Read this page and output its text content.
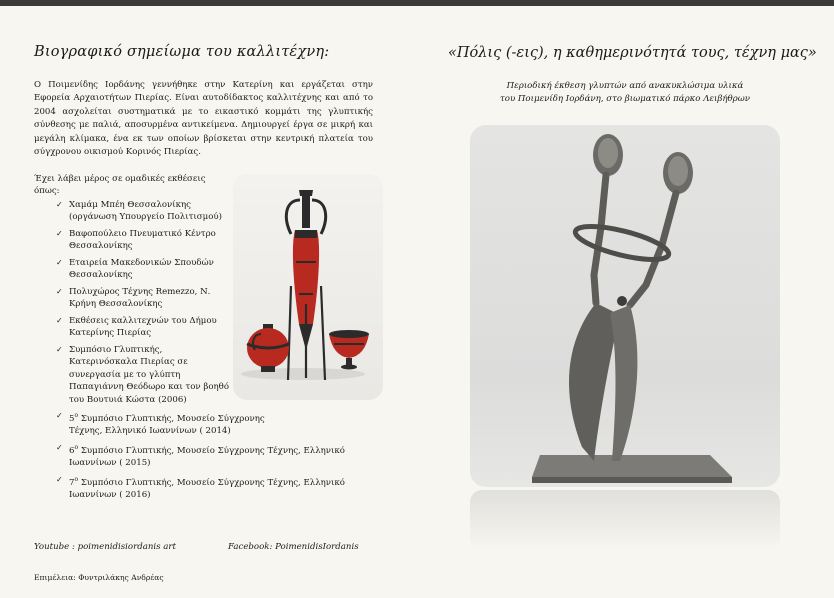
Βιογραφικό σημείωμα του καλλιτέχνη:
Ο Ποιμενίδης Ιορδάνης γεννήθηκε στην Κατερίνη και εργάζεται στην Εφορεία Αρχαιοτήτων Πιερίας. Είναι αυτοδίδακτος καλλιτέχνης και από το 2004 ασχολείται συστηματικά με το εικαστικό κομμάτι της γλυπτικής σύνθεσης με παλιά, αποσυρμένα αντικείμενα. Δημιουργεί έργα σε μικρή και μεγάλη κλίμακα, ένα εκ των οποίων βρίσκεται στην κεντρική πλατεία του σύγχρονου οικισμού Κορινός Πιερίας.
Έχει λάβει μέρος σε ομαδικές εκθέσεις όπως:
✓ Χαμάμ Μπέη Θεσσαλονίκης (οργάνωση Υπουργείο Πολιτισμού)
✓ Βαφοπούλειο Πνευματικό Κέντρο Θεσσαλονίκης
✓ Εταιρεία Μακεδονικών Σπουδών Θεσσαλονίκης
✓ Πολυχώρος Τέχνης Remezzo, Ν. Κρήνη Θεσσαλονίκης
✓ Εκθέσεις καλλιτεχνών του Δήμου Κατερίνης Πιερίας
✓ Συμπόσιο Γλυπτικής, Κατερινόσκαλα Πιερίας σε συνεργασία με το γλύπτη Παπαγιάννη Θεόδωρο και τον βοηθό του Βουτυιά Κώστα (2006)
✓ $5^o$ Συμπόσιο Γλυπτικής, Μουσείο Σύγχρονης Τέχνης, Ελληνικό Ιωαννίνων ( 2014)
✓ $6^o$ Συμπόσιο Γλυπτικής, Μουσείο Σύγχρονης Τέχνης, Ελληνικό Ιωαννίνων ( 2015)
✓ $7^o$ Συμπόσιο Γλυπτικής, Μουσείο Σύγχρονης Τέχνης, Ελληνικό Ιωαννίνων ( 2016)
Youtube : poimenidisiordanis art	Facebook: PoimenidisIordanis
Επιμέλεια: Φυντριλάκης Ανδρέας
«Πόλις (-εις), η καθημερινότητά τους, τέχνη μας»
Περιοδική έκθεση γλυπτών από ανακυκλώσιμα υλικά
του Ποιμενίδη Ιορδάνη, στο βιωματικό πάρκο Λειβήθρων
